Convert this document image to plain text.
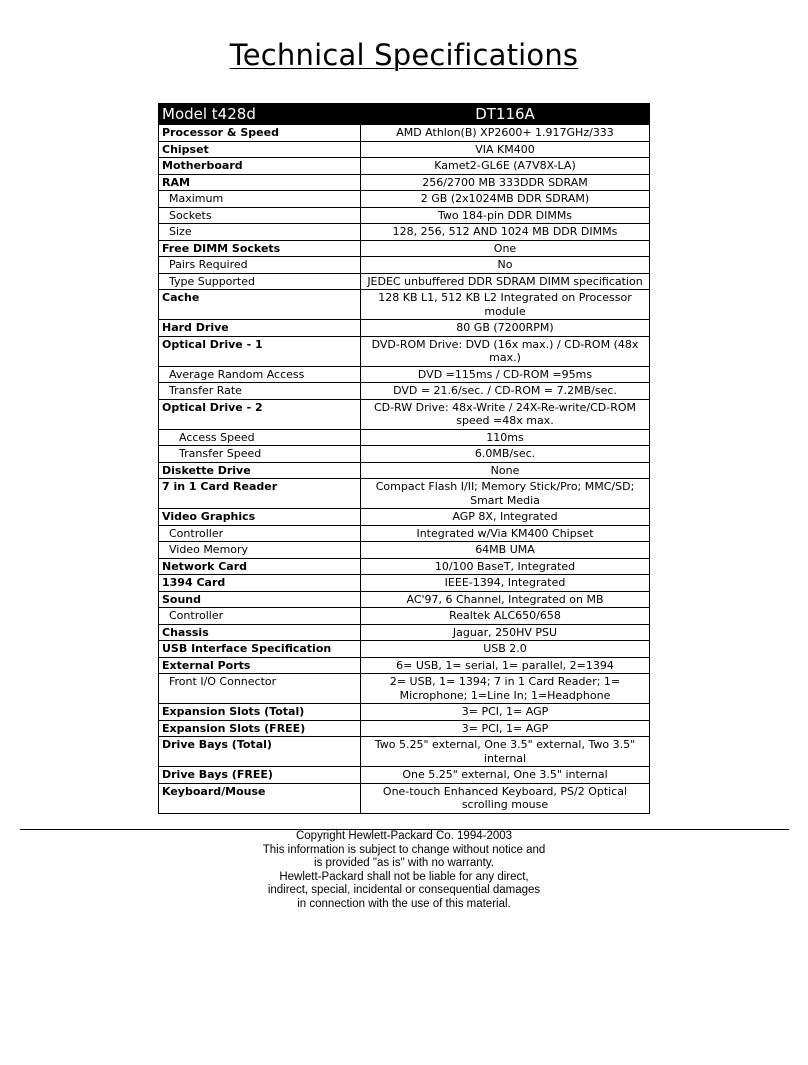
Technical Specifications
Model t428d	DT116A
Processor & Speed	AMD Athlon(B) XP2600+ 1.917GHz/333
Chipset	VIA KM400
Motherboard	Kamet2-GL6E (A7V8X-LA)
RAM	256/2700 MB 333DDR SDRAM
Maximum	2 GB (2x1024MB DDR SDRAM)
Sockets	Two 184-pin DDR DIMMs
Size	128, 256, 512 AND 1024 MB DDR DIMMs
Free DIMM Sockets	One
Pairs Required	No
Type Supported	JEDEC unbuffered DDR SDRAM DIMM specification
Cache	128 KB L1, 512 KB L2 Integrated on Processor module
Hard Drive	80 GB (7200RPM)
Optical Drive - 1	DVD-ROM Drive: DVD (16x max.) / CD-ROM (48x max.)
Average Random Access	DVD =115ms / CD-ROM =95ms
Transfer Rate	DVD = 21.6/sec. / CD-ROM = 7.2MB/sec.
Optical Drive - 2	CD-RW Drive: 48x-Write / 24X-Re-write/CD-ROM speed =48x max.
Access Speed	110ms
Transfer Speed	6.0MB/sec.
Diskette Drive	None
7 in 1 Card Reader	Compact Flash I/II; Memory Stick/Pro; MMC/SD; Smart Media
Video Graphics	AGP 8X, Integrated
Controller	Integrated w/Via KM400 Chipset
Video Memory	64MB UMA
Network Card	10/100 BaseT, Integrated
1394 Card	IEEE-1394, Integrated
Sound	AC'97, 6 Channel, Integrated on MB
Controller	Realtek ALC650/658
Chassis	Jaguar, 250HV PSU
USB Interface Specification	USB 2.0
External Ports	6= USB, 1= serial, 1= parallel, 2=1394
Front I/O Connector	2= USB, 1= 1394; 7 in 1 Card Reader; 1= Microphone; 1=Line In; 1=Headphone
Expansion Slots (Total)	3= PCI, 1= AGP
Expansion Slots (FREE)	3= PCI, 1= AGP
Drive Bays (Total)	Two 5.25" external, One 3.5" external, Two 3.5" internal
Drive Bays (FREE)	One 5.25" external, One 3.5" internal
Keyboard/Mouse	One-touch Enhanced Keyboard, PS/2 Optical scrolling mouse
Copyright Hewlett-Packard Co. 1994-2003
This information is subject to change without notice and
is provided "as is" with no warranty.
Hewlett-Packard shall not be liable for any direct,
indirect, special, incidental or consequential damages
in connection with the use of this material.
